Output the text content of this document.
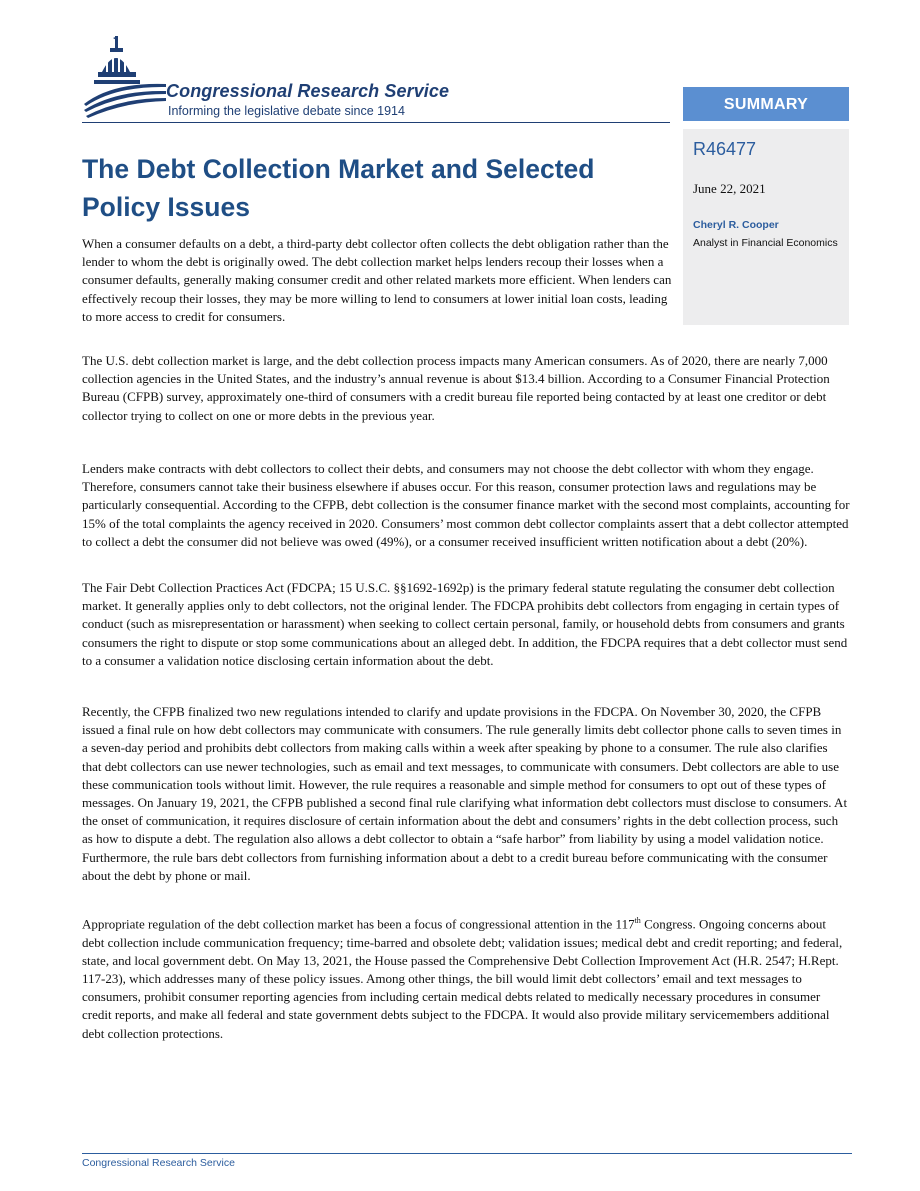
Congressional Research Service
Informing the legislative debate since 1914	SUMMARY
R46477
June 22, 2021
Cheryl R. Cooper
Analyst in Financial Economics
The Debt Collection Market and Selected Policy Issues

When a consumer defaults on a debt, a third-party debt collector often collects the debt obligation rather than the lender to whom the debt is originally owed. The debt collection market helps lenders recoup their losses when a consumer defaults, generally making consumer credit and other related markets more efficient. When lenders can effectively recoup their losses, they may be more willing to lend to consumers at lower initial loan costs, leading to more access to credit for consumers.

The U.S. debt collection market is large, and the debt collection process impacts many American consumers. As of 2020, there are nearly 7,000 collection agencies in the United States, and the industry’s annual revenue is about $13.4 billion. According to a Consumer Financial Protection Bureau (CFPB) survey, approximately one-third of consumers with a credit bureau file reported being contacted by at least one creditor or debt collector trying to collect on one or more debts in the previous year.

Lenders make contracts with debt collectors to collect their debts, and consumers may not choose the debt collector with whom they engage. Therefore, consumers cannot take their business elsewhere if abuses occur. For this reason, consumer protection laws and regulations may be particularly consequential. According to the CFPB, debt collection is the consumer finance market with the second most complaints, accounting for 15% of the total complaints the agency received in 2020. Consumers’ most common debt collector complaints assert that a debt collector attempted to collect a debt the consumer did not believe was owed (49%), or a consumer received insufficient written notification about a debt (20%).

The Fair Debt Collection Practices Act (FDCPA; 15 U.S.C. §§1692-1692p) is the primary federal statute regulating the consumer debt collection market. It generally applies only to debt collectors, not the original lender. The FDCPA prohibits debt collectors from engaging in certain types of conduct (such as misrepresentation or harassment) when seeking to collect certain personal, family, or household debts from consumers and grants consumers the right to dispute or stop some communications about an alleged debt. In addition, the FDCPA requires that a debt collector must send to a consumer a validation notice disclosing certain information about the debt.

Recently, the CFPB finalized two new regulations intended to clarify and update provisions in the FDCPA. On November 30, 2020, the CFPB issued a final rule on how debt collectors may communicate with consumers. The rule generally limits debt collector phone calls to seven times in a seven-day period and prohibits debt collectors from making calls within a week after speaking by phone to a consumer. The rule also clarifies that debt collectors can use newer technologies, such as email and text messages, to communicate with consumers. Debt collectors are able to use these communication tools without limit. However, the rule requires a reasonable and simple method for consumers to opt out of these types of messages. On January 19, 2021, the CFPB published a second final rule clarifying what information debt collectors must disclose to consumers. At the onset of communication, it requires disclosure of certain information about the debt and consumers’ rights in the debt collection process, such as how to dispute a debt. The regulation also allows a debt collector to obtain a “safe harbor” from liability by using a model validation notice. Furthermore, the rule bars debt collectors from furnishing information about a debt to a credit bureau before communicating with the consumer about the debt by phone or mail.

Appropriate regulation of the debt collection market has been a focus of congressional attention in the 117th Congress. Ongoing concerns about debt collection include communication frequency; time-barred and obsolete debt; validation issues; medical debt and credit reporting; and federal, state, and local government debt. On May 13, 2021, the House passed the Comprehensive Debt Collection Improvement Act (H.R. 2547; H.Rept. 117-23), which addresses many of these policy issues. Among other things, the bill would limit debt collectors’ email and text messages to consumers, prohibit consumer reporting agencies from including certain medical debts related to medically necessary procedures in consumer credit reports, and make all federal and state government debts subject to the FDCPA. It would also provide military servicemembers additional debt collection protections.

Congressional Research Service
